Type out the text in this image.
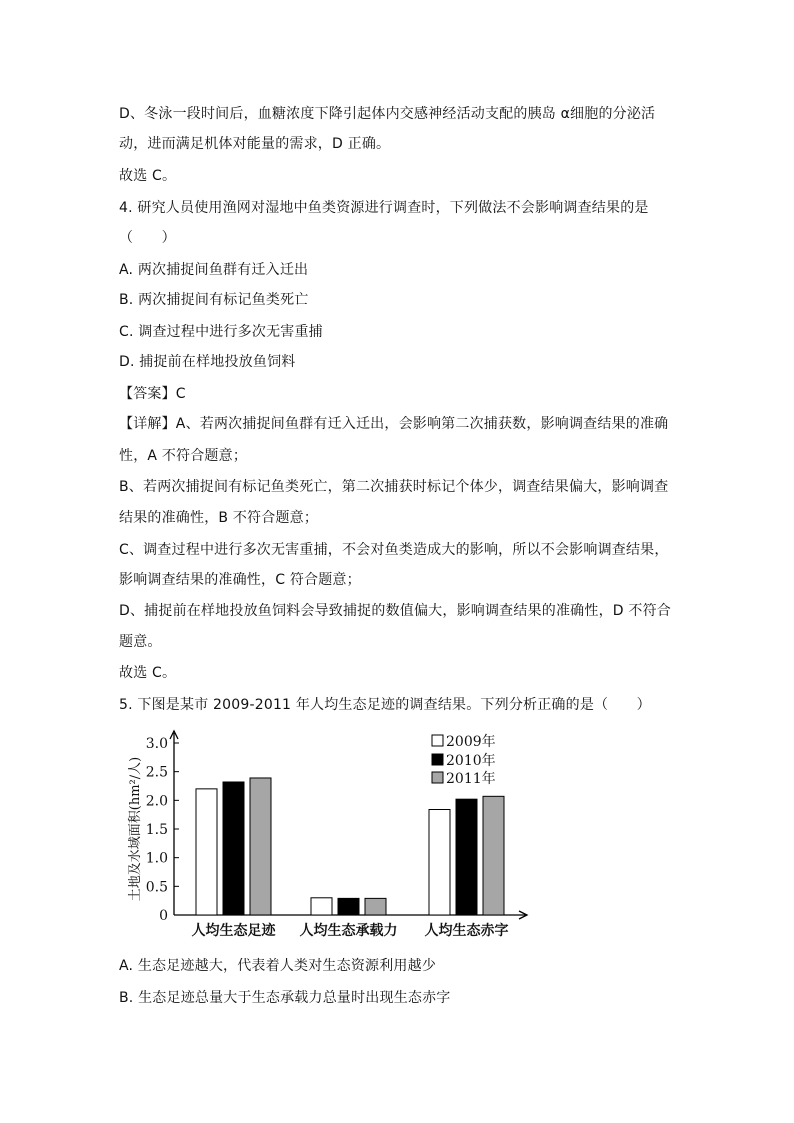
D、冬泳一段时间后，血糖浓度下降引起体内交感神经活动支配的胰岛 α细胞的分泌活
动，进而满足机体对能量的需求，D 正确。
故选 C。
4. 研究人员使用渔网对湿地中鱼类资源进行调查时，下列做法不会影响调查结果的是
（　　）
A. 两次捕捉间鱼群有迁入迁出
B. 两次捕捉间有标记鱼类死亡
C. 调查过程中进行多次无害重捕
D. 捕捉前在样地投放鱼饲料
【答案】C
【详解】A、若两次捕捉间鱼群有迁入迁出，会影响第二次捕获数，影响调查结果的准确
性，A 不符合题意；
B、若两次捕捉间有标记鱼类死亡，第二次捕获时标记个体少，调查结果偏大，影响调查
结果的准确性，B 不符合题意；
C、调查过程中进行多次无害重捕，不会对鱼类造成大的影响，所以不会影响调查结果，
影响调查结果的准确性，C 符合题意；
D、捕捉前在样地投放鱼饲料会导致捕捉的数值偏大，影响调查结果的准确性，D 不符合
题意。
故选 C。
5. 下图是某市 2009-2011 年人均生态足迹的调查结果。下列分析正确的是（　　）
0
0.5
1.0
1.5
2.0
2.5
3.0
土地及水域面积(hm²/人)
人均生态足迹 人均生态承载力 人均生态赤字
2009年
2010年
2011年
A. 生态足迹越大，代表着人类对生态资源利用越少
B. 生态足迹总量大于生态承载力总量时出现生态赤字
